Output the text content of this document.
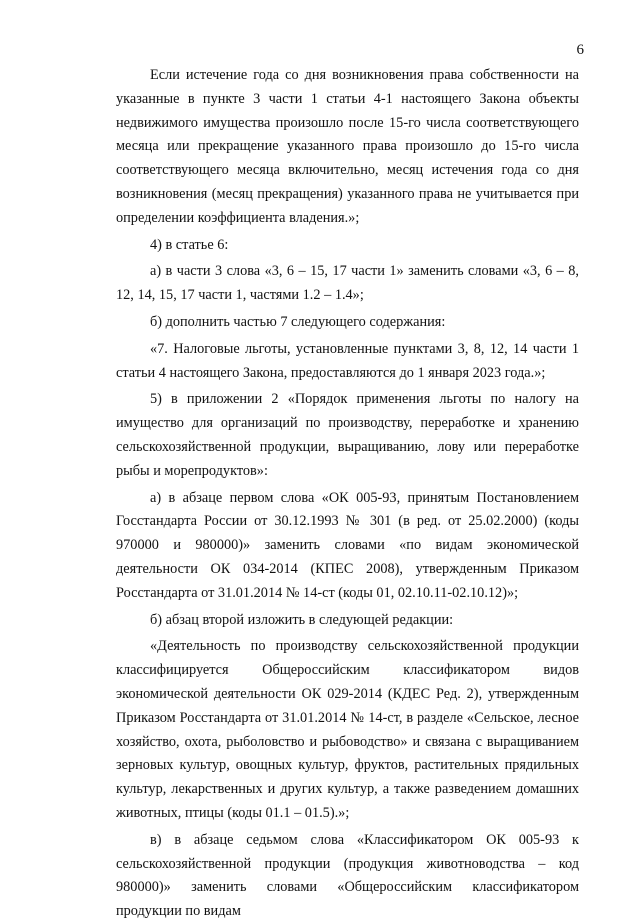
6

Если истечение года со дня возникновения права собственности на указанные в пункте 3 части 1 статьи 4-1 настоящего Закона объекты недвижимого имущества произошло после 15-го числа соответствующего месяца или прекращение указанного права произошло до 15-го числа соответствующего месяца включительно, месяц истечения года со дня возникновения (месяц прекращения) указанного права не учитывается при определении коэффициента владения.»;

4) в статье 6:

а) в части 3 слова «3, 6 – 15, 17 части 1» заменить словами «3, 6 – 8, 12, 14, 15, 17 части 1, частями 1.2 – 1.4»;

б) дополнить частью 7 следующего содержания:

«7. Налоговые льготы, установленные пунктами 3, 8, 12, 14 части 1 статьи 4 настоящего Закона, предоставляются до 1 января 2023 года.»;

5) в приложении 2 «Порядок применения льготы по налогу на имущество для организаций по производству, переработке и хранению сельскохозяйственной продукции, выращиванию, лову или переработке рыбы и морепродуктов»:

а) в абзаце первом слова «ОК 005-93, принятым Постановлением Госстандарта России от 30.12.1993 № 301 (в ред. от 25.02.2000) (коды 970000 и 980000)» заменить словами «по видам экономической деятельности ОК 034-2014 (КПЕС 2008), утвержденным Приказом Росстандарта от 31.01.2014 № 14-ст (коды 01, 02.10.11-02.10.12)»;

б) абзац второй изложить в следующей редакции:

«Деятельность по производству сельскохозяйственной продукции классифицируется Общероссийским классификатором видов экономической деятельности ОК 029-2014 (КДЕС Ред. 2), утвержденным Приказом Росстандарта от 31.01.2014 № 14-ст, в разделе «Сельское, лесное хозяйство, охота, рыболовство и рыбоводство» и связана с выращиванием зерновых культур, овощных культур, фруктов, растительных прядильных культур, лекарственных и других культур, а также разведением домашних животных, птицы (коды 01.1 – 01.5).»;

в) в абзаце седьмом слова «Классификатором ОК 005-93 к сельскохозяйственной продукции (продукция животноводства – код 980000)» заменить словами «Общероссийским классификатором продукции по видам
